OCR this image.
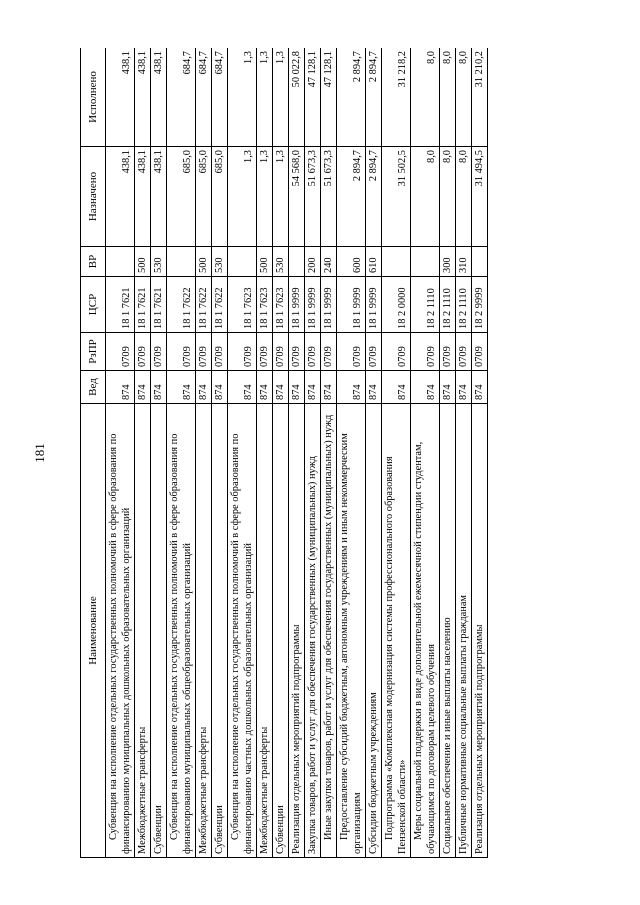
181
Наименование	Вед	РзПР	ЦСР	ВР	Назначено	Исполнено
Субвенция на исполнение отдельных государственных полномочий в сфере образования по финансированию муниципальных дошкольных образовательных организаций	874	0709	18 1 7621		438,1	438,1
Межбюджетные трансферты	874	0709	18 1 7621	500	438,1	438,1
Субвенции	874	0709	18 1 7621	530	438,1	438,1
Субвенция на исполнение отдельных государственных полномочий в сфере образования по финансированию муниципальных общеобразовательных организаций	874	0709	18 1 7622		685,0	684,7
Межбюджетные трансферты	874	0709	18 1 7622	500	685,0	684,7
Субвенции	874	0709	18 1 7622	530	685,0	684,7
Субвенция на исполнение отдельных государственных полномочий в сфере образования по финансированию частных дошкольных образовательных организаций	874	0709	18 1 7623		1,3	1,3
Межбюджетные трансферты	874	0709	18 1 7623	500	1,3	1,3
Субвенции	874	0709	18 1 7623	530	1,3	1,3
Реализация отдельных мероприятий подпрограммы	874	0709	18 1 9999		54 568,0	50 022,8
Закупка товаров, работ и услуг для обеспечения государственных (муниципальных) нужд	874	0709	18 1 9999	200	51 673,3	47 128,1
Иные закупки товаров, работ и услуг для обеспечения государственных (муниципальных) нужд	874	0709	18 1 9999	240	51 673,3	47 128,1
Предоставление субсидий бюджетным, автономным учреждениям и иным некоммерческим организациям	874	0709	18 1 9999	600	2 894,7	2 894,7
Субсидии бюджетным учреждениям	874	0709	18 1 9999	610	2 894,7	2 894,7
Подпрограмма «Комплексная модернизация системы профессионального образования Пензенской области»	874	0709	18 2 0000		31 502,5	31 218,2
Меры социальной поддержки в виде дополнительной ежемесячной стипендии студентам, обучающимся по договорам целевого обучения	874	0709	18 2 1110		8,0	8,0
Социальное обеспечение и иные выплаты населению	874	0709	18 2 1110	300	8,0	8,0
Публичные нормативные социальные выплаты гражданам	874	0709	18 2 1110	310	8,0	8,0
Реализация отдельных мероприятий подпрограммы	874	0709	18 2 9999		31 494,5	31 210,2
